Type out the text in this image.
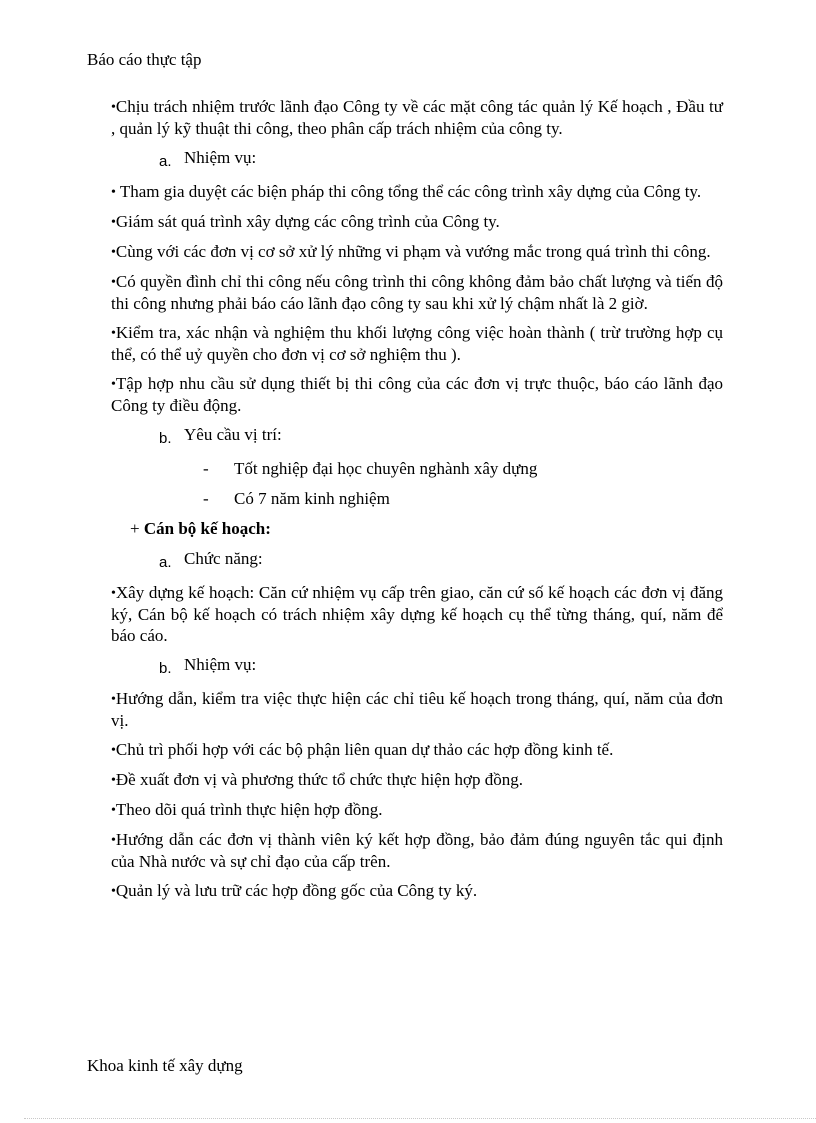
Báo cáo thực tập

•Chịu trách nhiệm trước lãnh đạo Công ty về các mặt công tác quản lý Kế hoạch , Đầu tư , quản lý kỹ thuật thi công, theo phân cấp trách nhiệm của công ty.

a. Nhiệm vụ:

• Tham gia duyệt các biện pháp thi công tổng thể các công trình xây dựng của Công ty.

•Giám sát quá trình xây dựng các công trình của Công ty.

•Cùng với các đơn vị cơ sở xử lý những vi phạm và vướng mắc trong quá trình thi công.

•Có quyền đình chỉ thi công nếu công trình thi công không đảm bảo chất lượng và tiến độ thi công nhưng phải báo cáo lãnh đạo công ty sau khi xử lý chậm nhất là 2 giờ.

•Kiểm tra, xác nhận và nghiệm thu khối lượng công việc hoàn thành ( trừ trường hợp cụ thể, có thể uỷ quyền cho đơn vị cơ sở nghiệm thu ).

•Tập hợp nhu cầu sử dụng thiết bị thi công của các đơn vị trực thuộc, báo cáo lãnh đạo Công ty điều động.

b. Yêu cầu vị trí:
- Tốt nghiệp đại học chuyên nghành xây dựng
- Có 7 năm kinh nghiệm
+ Cán bộ kế hoạch:
a. Chức năng:

•Xây dựng kế hoạch: Căn cứ nhiệm vụ cấp trên giao, căn cứ số kế hoạch các đơn vị đăng ký, Cán bộ kế hoạch có trách nhiệm xây dựng kế hoạch cụ thể từng tháng, quí, năm để báo cáo.

b. Nhiệm vụ:

•Hướng dẫn, kiểm tra việc thực hiện các chỉ tiêu kế hoạch trong tháng, quí, năm của đơn vị.

•Chủ trì phối hợp với các bộ phận liên quan dự thảo các hợp đồng kinh tế.

•Đề xuất đơn vị và phương thức tổ chức thực hiện hợp đồng.

•Theo dõi quá trình thực hiện hợp đồng.

•Hướng dẫn các đơn vị thành viên ký kết hợp đồng, bảo đảm đúng nguyên tắc qui định của Nhà nước và sự chỉ đạo của cấp trên.

•Quản lý và lưu trữ các hợp đồng gốc của Công ty ký.

Khoa kinh tế xây dựng
